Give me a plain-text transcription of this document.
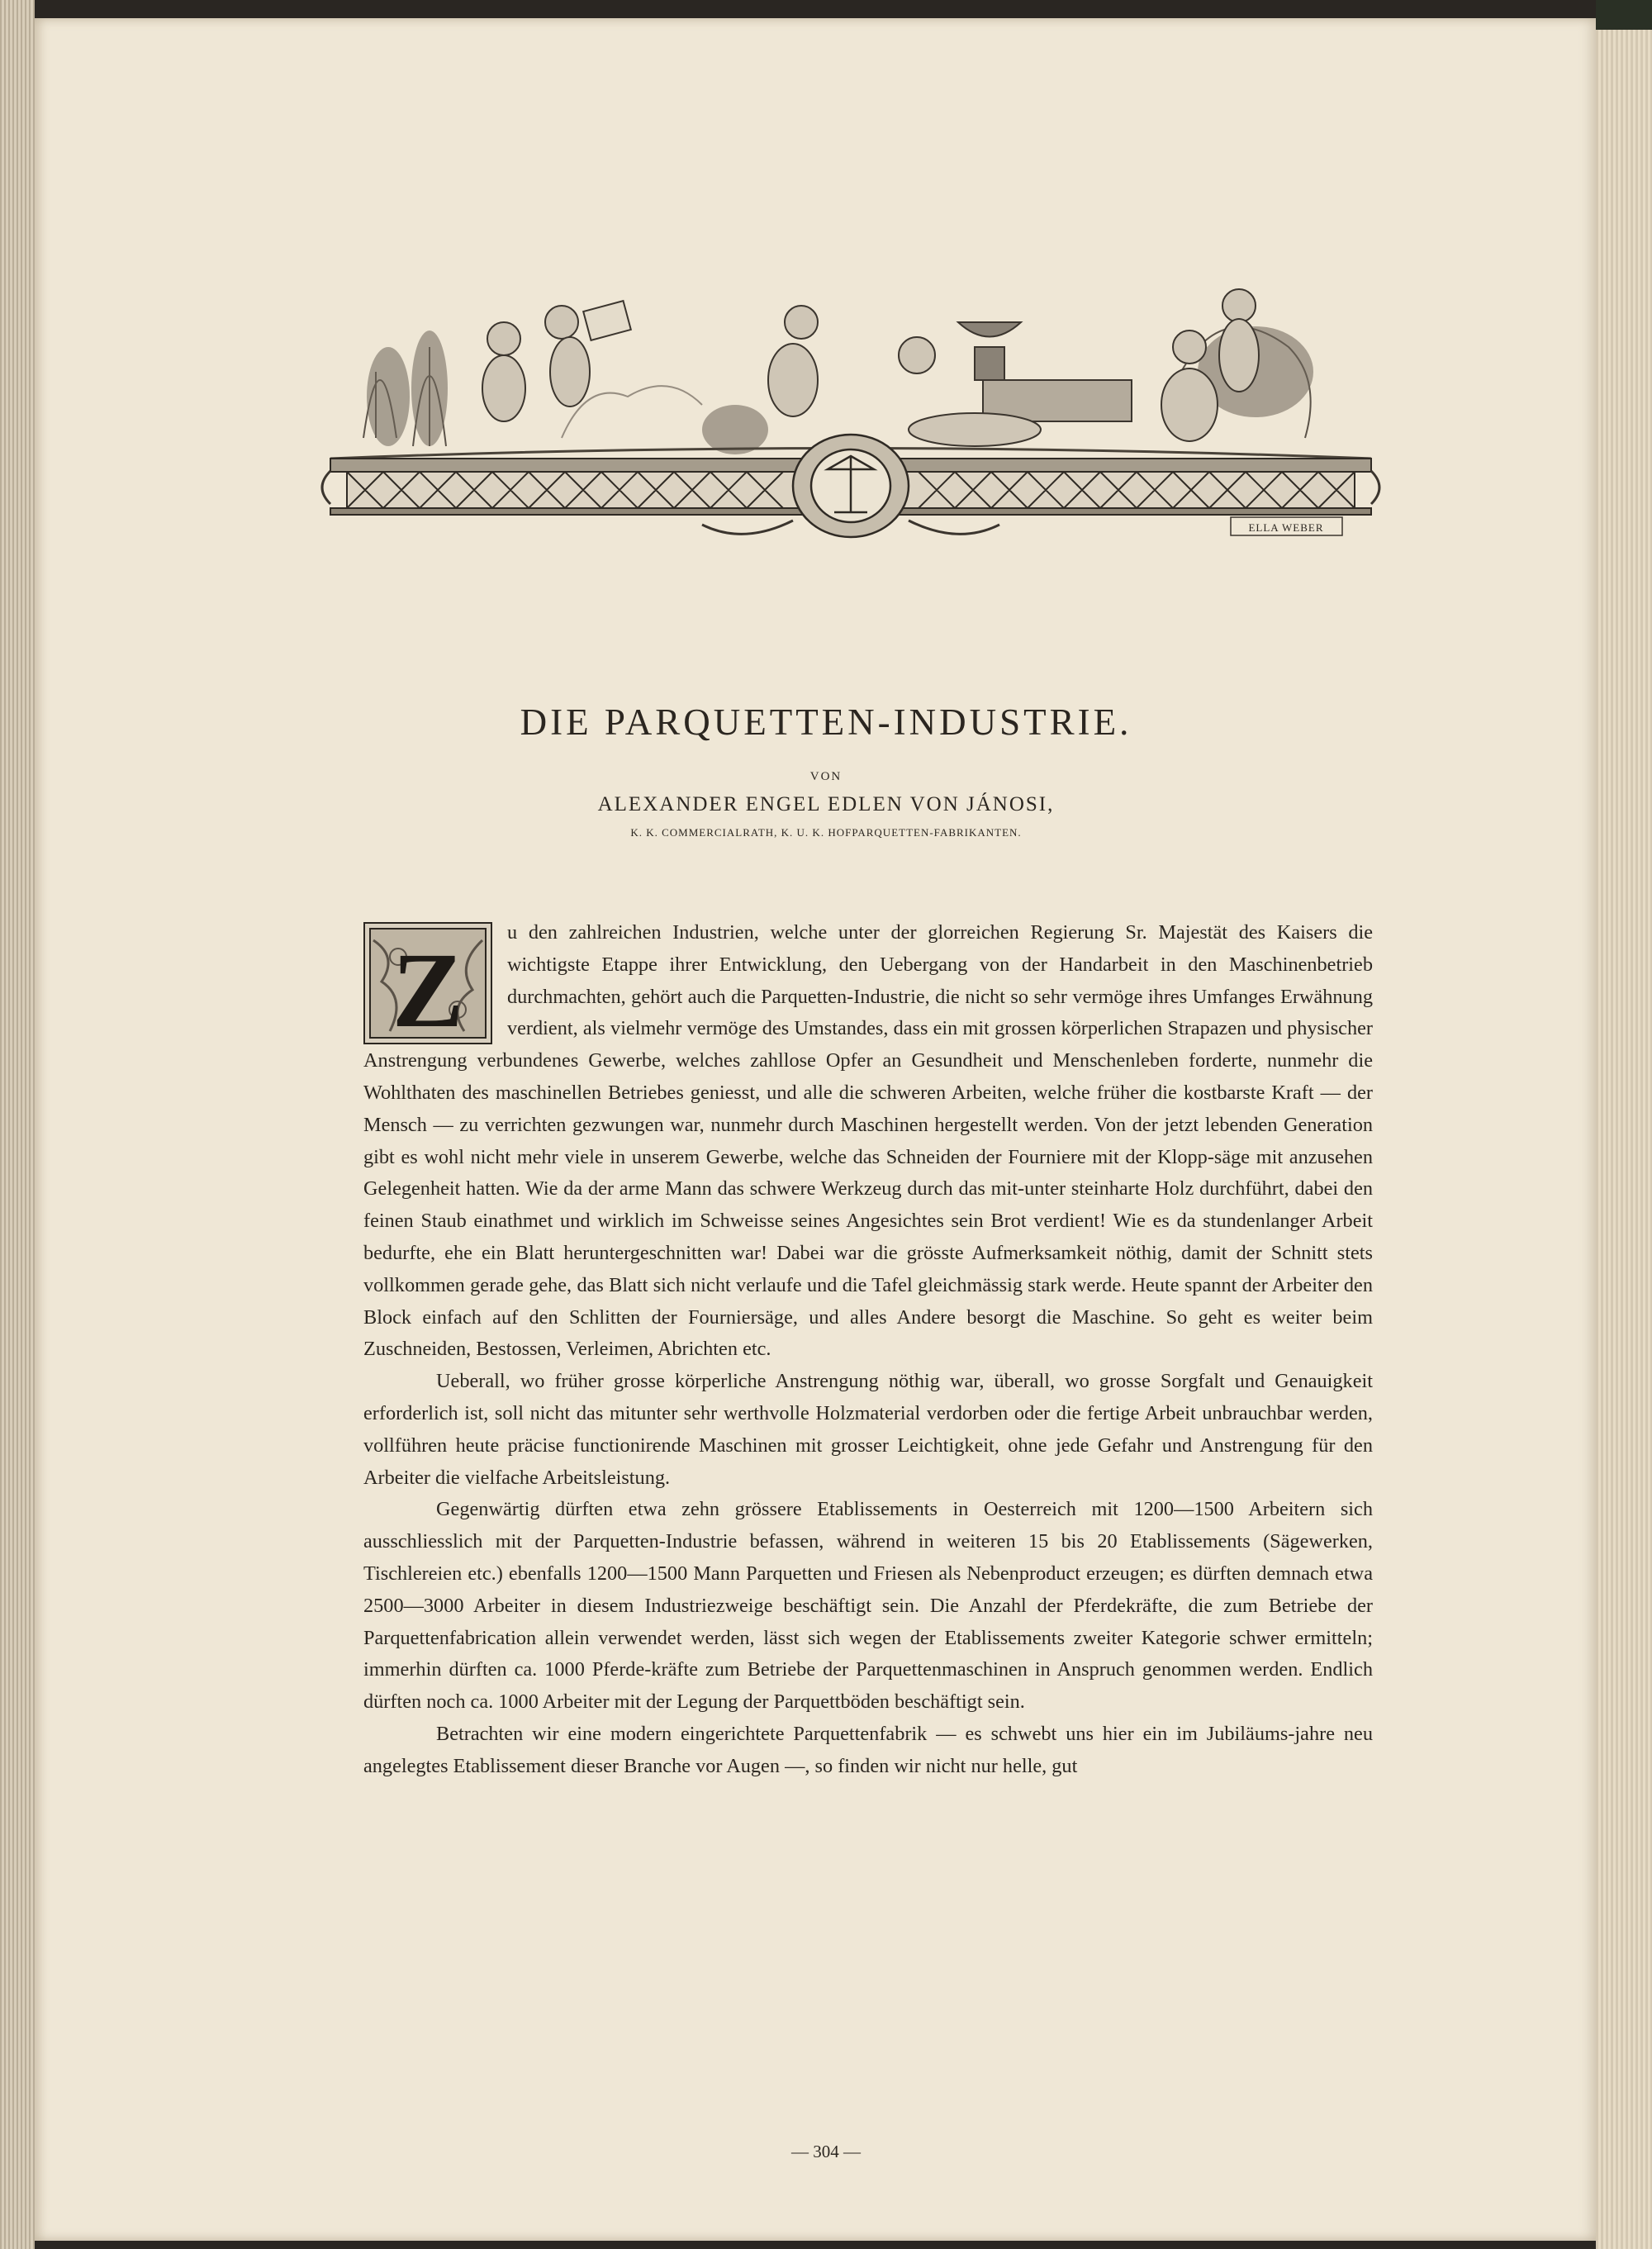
ELLA WEBER
DIE PARQUETTEN-INDUSTRIE.
VON
ALEXANDER ENGEL EDLEN VON JÁNOSI,
K. K. COMMERCIALRATH, K. U. K. HOFPARQUETTEN-FABRIKANTEN.

Z u den zahlreichen Industrien, welche unter der glorreichen Regierung Sr. Majestät des Kaisers die wichtigste Etappe ihrer Entwicklung, den Uebergang von der Handarbeit in den Maschinenbetrieb durchmachten, gehört auch die Parquetten-Industrie, die nicht so sehr vermöge ihres Umfanges Erwähnung verdient, als vielmehr vermöge des Umstandes, dass ein mit grossen körperlichen Strapazen und physischer Anstrengung verbundenes Gewerbe, welches zahllose Opfer an Gesundheit und Menschenleben forderte, nunmehr die Wohlthaten des maschinellen Betriebes geniesst, und alle die schweren Arbeiten, welche früher die kostbarste Kraft — der Mensch — zu verrichten gezwungen war, nunmehr durch Maschinen hergestellt werden. Von der jetzt lebenden Generation gibt es wohl nicht mehr viele in unserem Gewerbe, welche das Schneiden der Fourniere mit der Klopp-säge mit anzusehen Gelegenheit hatten. Wie da der arme Mann das schwere Werkzeug durch das mit-unter steinharte Holz durchführt, dabei den feinen Staub einathmet und wirklich im Schweisse seines Angesichtes sein Brot verdient! Wie es da stundenlanger Arbeit bedurfte, ehe ein Blatt heruntergeschnitten war! Dabei war die grösste Aufmerksamkeit nöthig, damit der Schnitt stets vollkommen gerade gehe, das Blatt sich nicht verlaufe und die Tafel gleichmässig stark werde. Heute spannt der Arbeiter den Block einfach auf den Schlitten der Fourniersäge, und alles Andere besorgt die Maschine. So geht es weiter beim Zuschneiden, Bestossen, Verleimen, Abrichten etc.

Ueberall, wo früher grosse körperliche Anstrengung nöthig war, überall, wo grosse Sorgfalt und Genauigkeit erforderlich ist, soll nicht das mitunter sehr werthvolle Holzmaterial verdorben oder die fertige Arbeit unbrauchbar werden, vollführen heute präcise functionirende Maschinen mit grosser Leichtigkeit, ohne jede Gefahr und Anstrengung für den Arbeiter die vielfache Arbeitsleistung.

Gegenwärtig dürften etwa zehn grössere Etablissements in Oesterreich mit 1200—1500 Arbeitern sich ausschliesslich mit der Parquetten-Industrie befassen, während in weiteren 15 bis 20 Etablissements (Sägewerken, Tischlereien etc.) ebenfalls 1200—1500 Mann Parquetten und Friesen als Nebenproduct erzeugen; es dürften demnach etwa 2500—3000 Arbeiter in diesem Industriezweige beschäftigt sein. Die Anzahl der Pferdekräfte, die zum Betriebe der Parquettenfabrication allein verwendet werden, lässt sich wegen der Etablissements zweiter Kategorie schwer ermitteln; immerhin dürften ca. 1000 Pferde-kräfte zum Betriebe der Parquettenmaschinen in Anspruch genommen werden. Endlich dürften noch ca. 1000 Arbeiter mit der Legung der Parquettböden beschäftigt sein.

Betrachten wir eine modern eingerichtete Parquettenfabrik — es schwebt uns hier ein im Jubiläums-jahre neu angelegtes Etablissement dieser Branche vor Augen —, so finden wir nicht nur helle, gut

— 304 —
